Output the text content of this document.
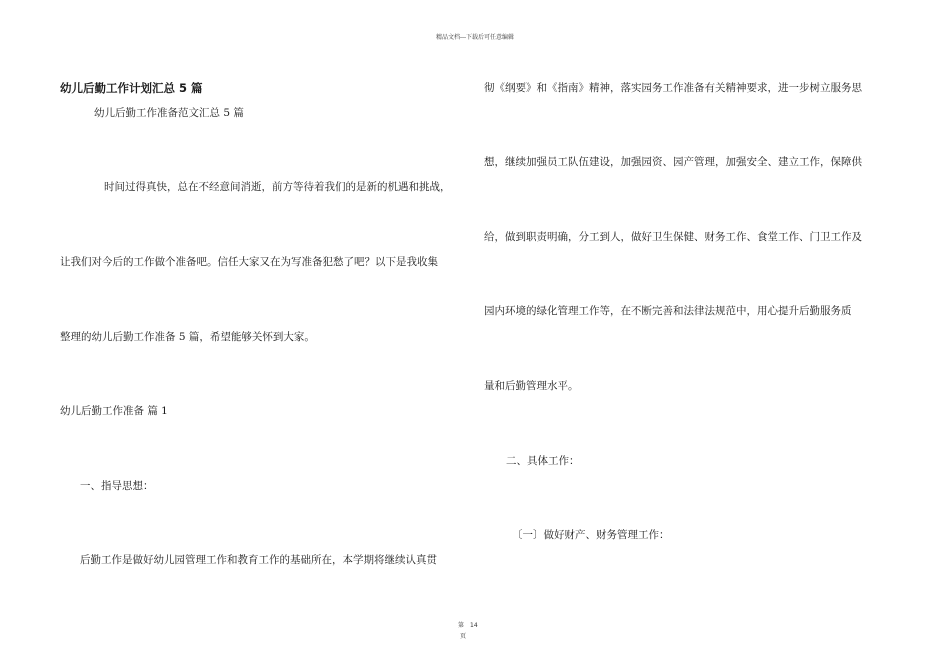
精品文档---下载后可任意编辑
幼儿后勤工作计划汇总 5 篇
幼儿后勤工作准备范文汇总 5 篇
时间过得真快，总在不经意间消逝，前方等待着我们的是新的机遇和挑战，
让我们对今后的工作做个准备吧。信任大家又在为写准备犯愁了吧？以下是我收集
整理的幼儿后勤工作准备 5 篇，希望能够关怀到大家。
幼儿后勤工作准备 篇 1
一、指导思想：
后勤工作是做好幼儿园管理工作和教育工作的基础所在，本学期将继续认真贯
彻《纲要》和《指南》精神，落实园务工作准备有关精神要求，进一步树立服务思
想，继续加强员工队伍建设，加强园资、园产管理，加强安全、建立工作，保障供
给，做到职责明确，分工到人，做好卫生保健、财务工作、食堂工作、门卫工作及
园内环境的绿化管理工作等，在不断完善和法律法规范中，用心提升后勤服务质
量和后勤管理水平。
二、具体工作：
〔一〕做好财产、财务管理工作：
第 14
页
